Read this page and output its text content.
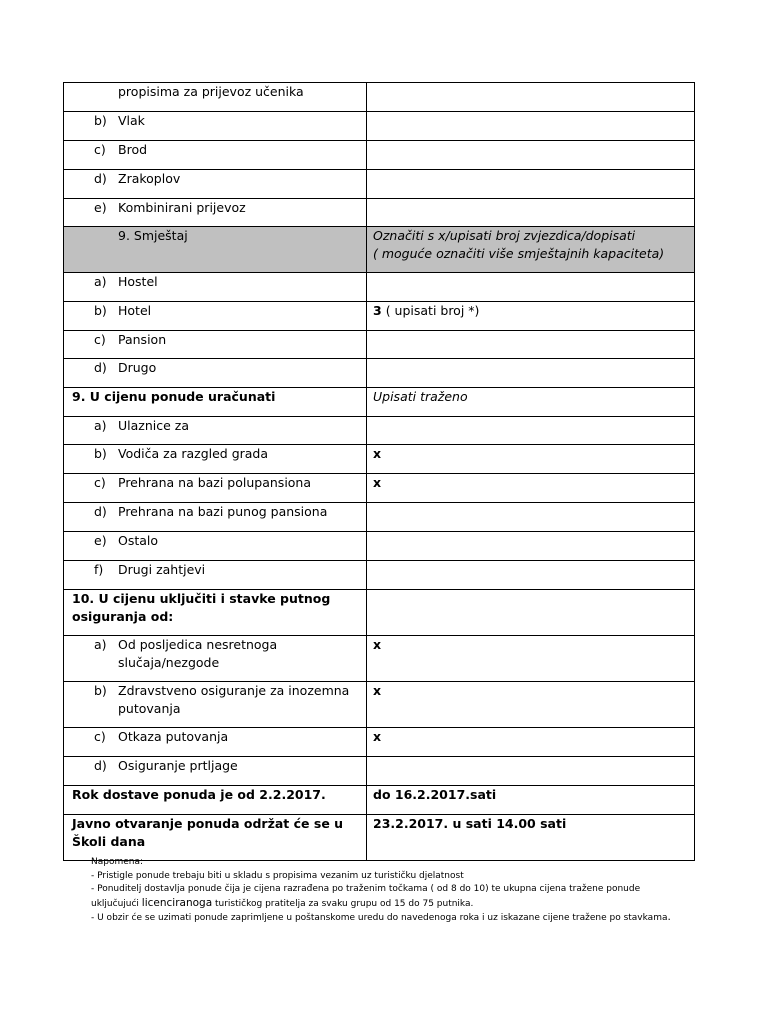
propisima za prijevoz učenika	

b) Vlak	

c) Brod	

d) Zrakoplov	

e) Kombinirani prijevoz	

9. Smještaj	Označiti s x/upisati broj zvjezdica/dopisati
( moguće označiti više smještajnih kapaciteta)

a) Hostel	

b) Hotel	3 ( upisati broj *)

c) Pansion	

d) Drugo	

9. U cijenu ponude uračunati	Upisati traženo

a) Ulaznice za	

b) Vodiča za razgled grada	x

c) Prehrana na bazi polupansiona	x

d) Prehrana na bazi punog pansiona	

e) Ostalo	

f) Drugi zahtjevi	

10. U cijenu uključiti i stavke putnog
osiguranja od:	

a) Od posljedica nesretnoga
slučaja/nezgode	x

b) Zdravstveno osiguranje za inozemna
putovanja	x

c) Otkaza putovanja	x

d) Osiguranje prtljage	

Rok dostave ponuda je od 2.2.2017.	do 16.2.2017.sati

Javno otvaranje ponuda održat će se u
Školi dana	23.2.2017. u sati 14.00 sati
Napomena:
- Pristigle ponude trebaju biti u skladu s propisima vezanim uz turističku djelatnost
- Ponuditelj dostavlja ponude čija je cijena razrađena po traženim točkama ( od 8 do 10) te ukupna cijena tražene ponude
uključujući licenciranoga turističkog pratitelja za svaku grupu od 15 do 75 putnika.
- U obzir će se uzimati ponude zaprimljene u poštanskome uredu do navedenoga roka i uz iskazane cijene tražene po stavkama.
